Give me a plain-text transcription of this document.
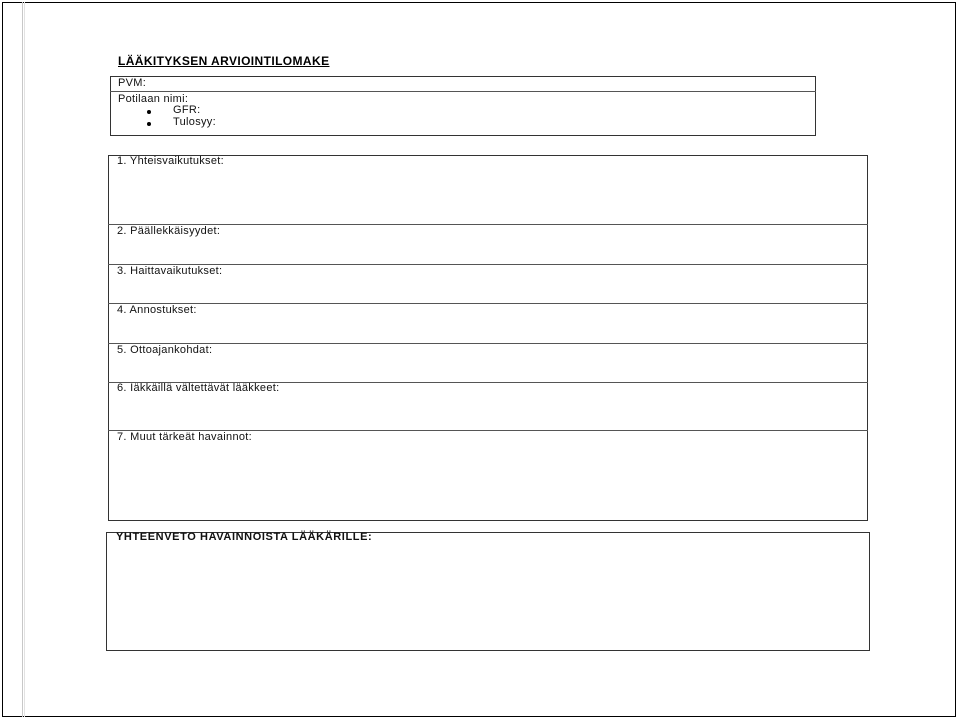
LÄÄKITYKSEN ARVIOINTILOMAKE
PVM:
Potilaan nimi:
GFR:
Tulosyy:
1. Yhteisvaikutukset:
2. Päällekkäisyydet:
3. Haittavaikutukset:
4. Annostukset:
5. Ottoajankohdat:
6. Iäkkäillä vältettävät lääkkeet:
7. Muut tärkeät havainnot:
YHTEENVETO HAVAINNOISTA LÄÄKÄRILLE:
